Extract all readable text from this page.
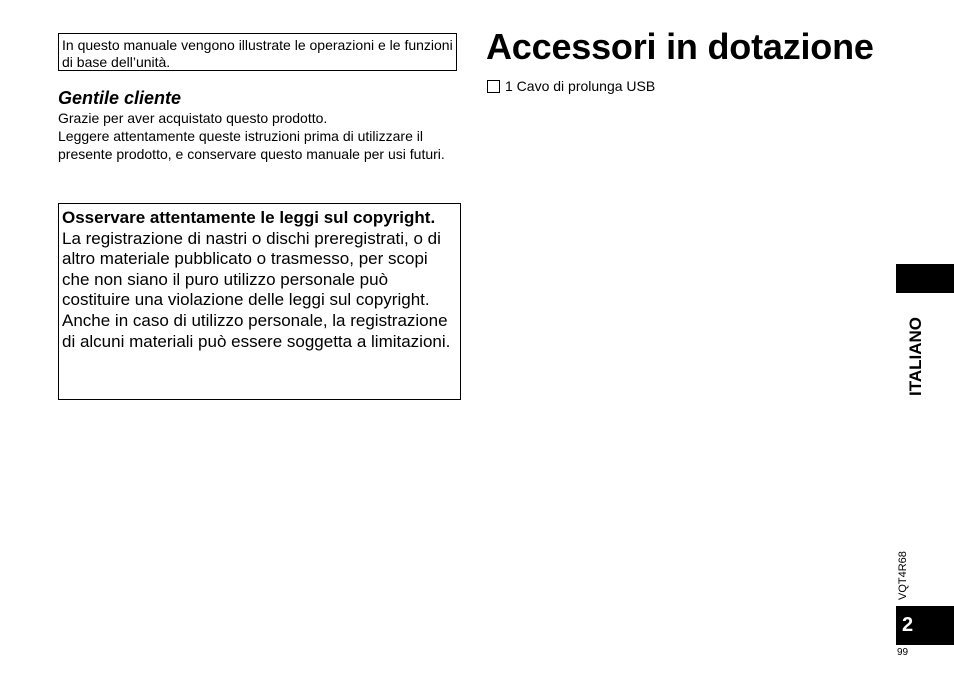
In questo manuale vengono illustrate le operazioni e le funzioni di base dell’unità.
Gentile cliente

Grazie per aver acquistato questo prodotto.

Leggere attentamente queste istruzioni prima di utilizzare il presente prodotto, e conservare questo manuale per usi futuri.

Osservare attentamente le leggi sul copyright.
La registrazione di nastri o dischi preregistrati, o di altro materiale pubblicato o trasmesso, per scopi che non siano il puro utilizzo personale può costituire una violazione delle leggi sul copyright. Anche in caso di utilizzo personale, la registrazione di alcuni materiali può essere soggetta a limitazioni.
Accessori in dotazione
1 Cavo di prolunga USB
ITALIANO
VQT4R68
2
99
